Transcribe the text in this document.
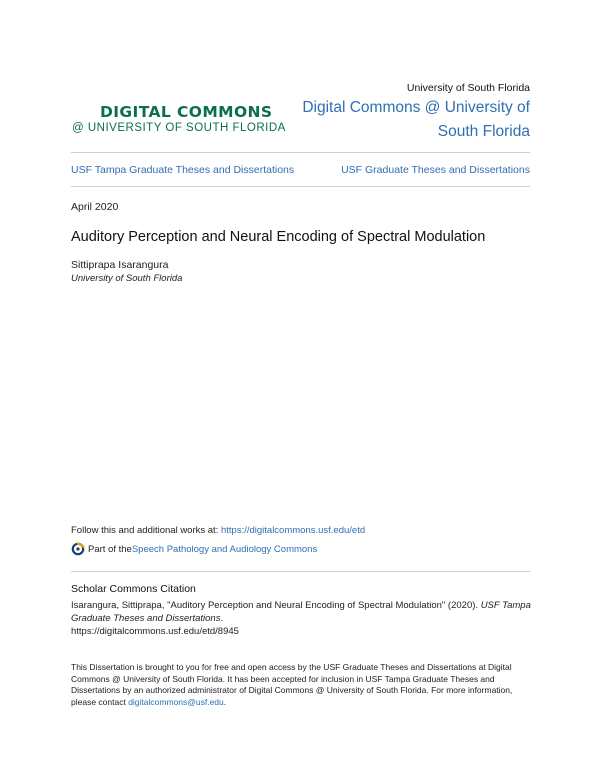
DIGITAL COMMONS
@ UNIVERSITY OF SOUTH FLORIDA
University of South Florida
Digital Commons @ University of South Florida
USF Tampa Graduate Theses and Dissertations	USF Graduate Theses and Dissertations
April 2020
Auditory Perception and Neural Encoding of Spectral Modulation
Sittiprapa Isarangura
University of South Florida
Follow this and additional works at: https://digitalcommons.usf.edu/etd
Part of the Speech Pathology and Audiology Commons
Scholar Commons Citation
Isarangura, Sittiprapa, "Auditory Perception and Neural Encoding of Spectral Modulation" (2020). USF Tampa Graduate Theses and Dissertations.
https://digitalcommons.usf.edu/etd/8945
This Dissertation is brought to you for free and open access by the USF Graduate Theses and Dissertations at Digital Commons @ University of South Florida. It has been accepted for inclusion in USF Tampa Graduate Theses and Dissertations by an authorized administrator of Digital Commons @ University of South Florida. For more information, please contact digitalcommons@usf.edu.
